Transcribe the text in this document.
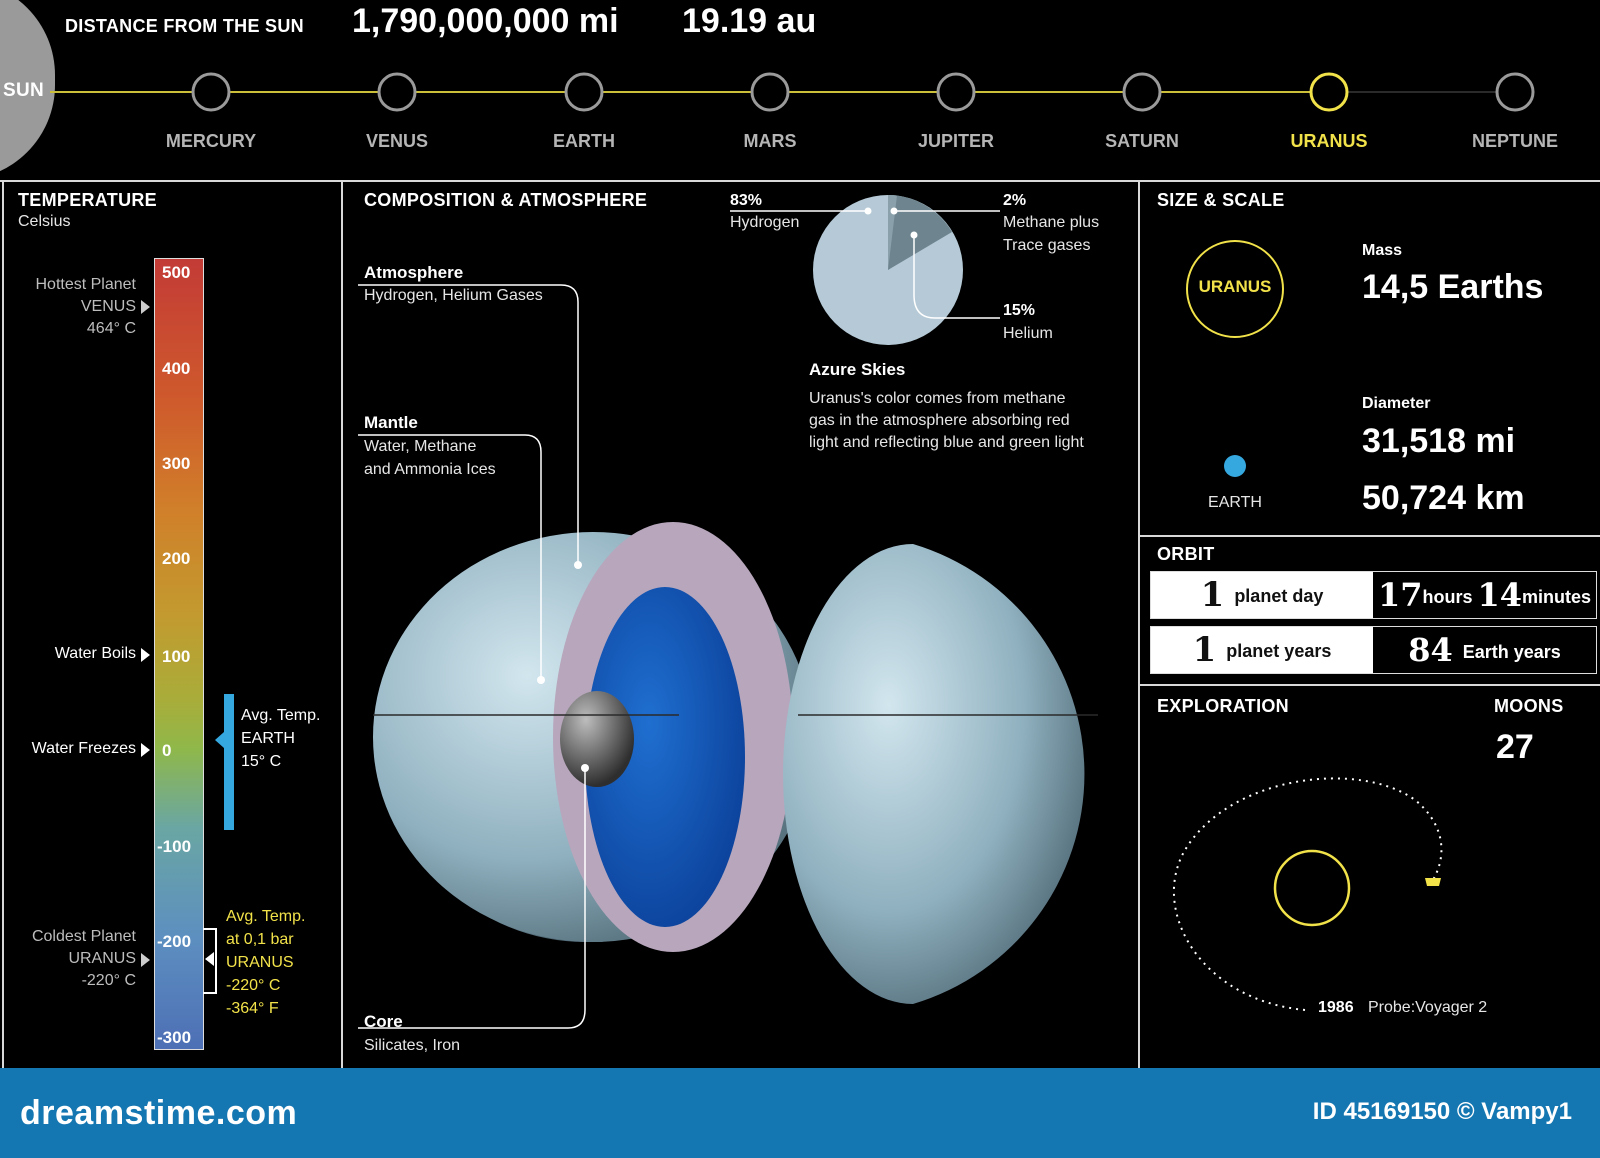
SUN
DISTANCE FROM THE SUN 1,790,000,000 mi 19.19 au
MERCURY	VENUS	EARTH	MARS	JUPITER	SATURN	URANUS	NEPTUNE
TEMPERATURE
Celsius
500
400
300
200
100
0
-100
-200
-300
Hottest Planet
VENUS
464° C
Water Boils
Water Freezes
Coldest Planet
URANUS
-220° C
Avg. Temp.
EARTH
15° C
Avg. Temp.
at 0,1 bar
URANUS
-220° C
-364° F
COMPOSITION & ATMOSPHERE
Atmosphere
Hydrogen, Helium Gases
Mantle
Water, Methane
and Ammonia Ices
Core
Silicates, Iron
83%
Hydrogen
2%
Methane plus
Trace gases
15%
Helium
Azure Skies
Uranus's color comes from methane
gas in the atmosphere absorbing red
light and reflecting blue and green light
SIZE & SCALE
URANUS
EARTH
Mass
14,5 Earths
Diameter
31,518 mi
50,724 km
ORBIT
1 planet day	17hours 14minutes
1 planet years	84 Earth years
EXPLORATION	MOONS
27
1986 Probe:Voyager 2
dreamstime.com	ID 45169150 © Vampy1
